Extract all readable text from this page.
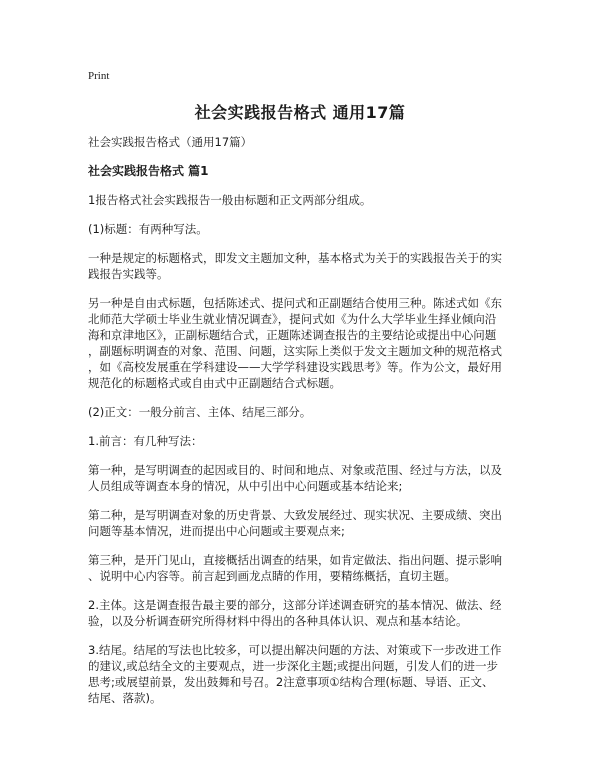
Print
社会实践报告格式 通用17篇

社会实践报告格式（通用17篇）

社会实践报告格式 篇1

1报告格式社会实践报告一般由标题和正文两部分组成。

(1)标题：有两种写法。

一种是规定的标题格式，即发文主题加文种，基本格式为关于的实践报告关于的实

践报告实践等。

另一种是自由式标题，包括陈述式、提问式和正副题结合使用三种。陈述式如《东

北师范大学硕士毕业生就业情况调查》，提问式如《为什么大学毕业生择业倾向沿

海和京津地区》，正副标题结合式，正题陈述调查报告的主要结论或提出中心问题

，副题标明调查的对象、范围、问题，这实际上类似于发文主题加文种的规范格式

，如《高校发展重在学科建设——大学学科建设实践思考》等。作为公文，最好用

规范化的标题格式或自由式中正副题结合式标题。

(2)正文：一般分前言、主体、结尾三部分。

1.前言：有几种写法：

第一种，是写明调查的起因或目的、时间和地点、对象或范围、经过与方法，以及

人员组成等调查本身的情况，从中引出中心问题或基本结论来;

第二种，是写明调查对象的历史背景、大致发展经过、现实状况、主要成绩、突出

问题等基本情况，进而提出中心问题或主要观点来;

第三种，是开门见山，直接概括出调查的结果，如肯定做法、指出问题、提示影响

、说明中心内容等。前言起到画龙点睛的作用，要精练概括，直切主题。

2.主体。这是调查报告最主要的部分，这部分详述调查研究的基本情况、做法、经

验，以及分析调查研究所得材料中得出的各种具体认识、观点和基本结论。

3.结尾。结尾的写法也比较多，可以提出解决问题的方法、对策或下一步改进工作

的建议,或总结全文的主要观点，进一步深化主题;或提出问题，引发人们的进一步

思考;或展望前景，发出鼓舞和号召。2注意事项①结构合理(标题、导语、正文、

结尾、落款)。
